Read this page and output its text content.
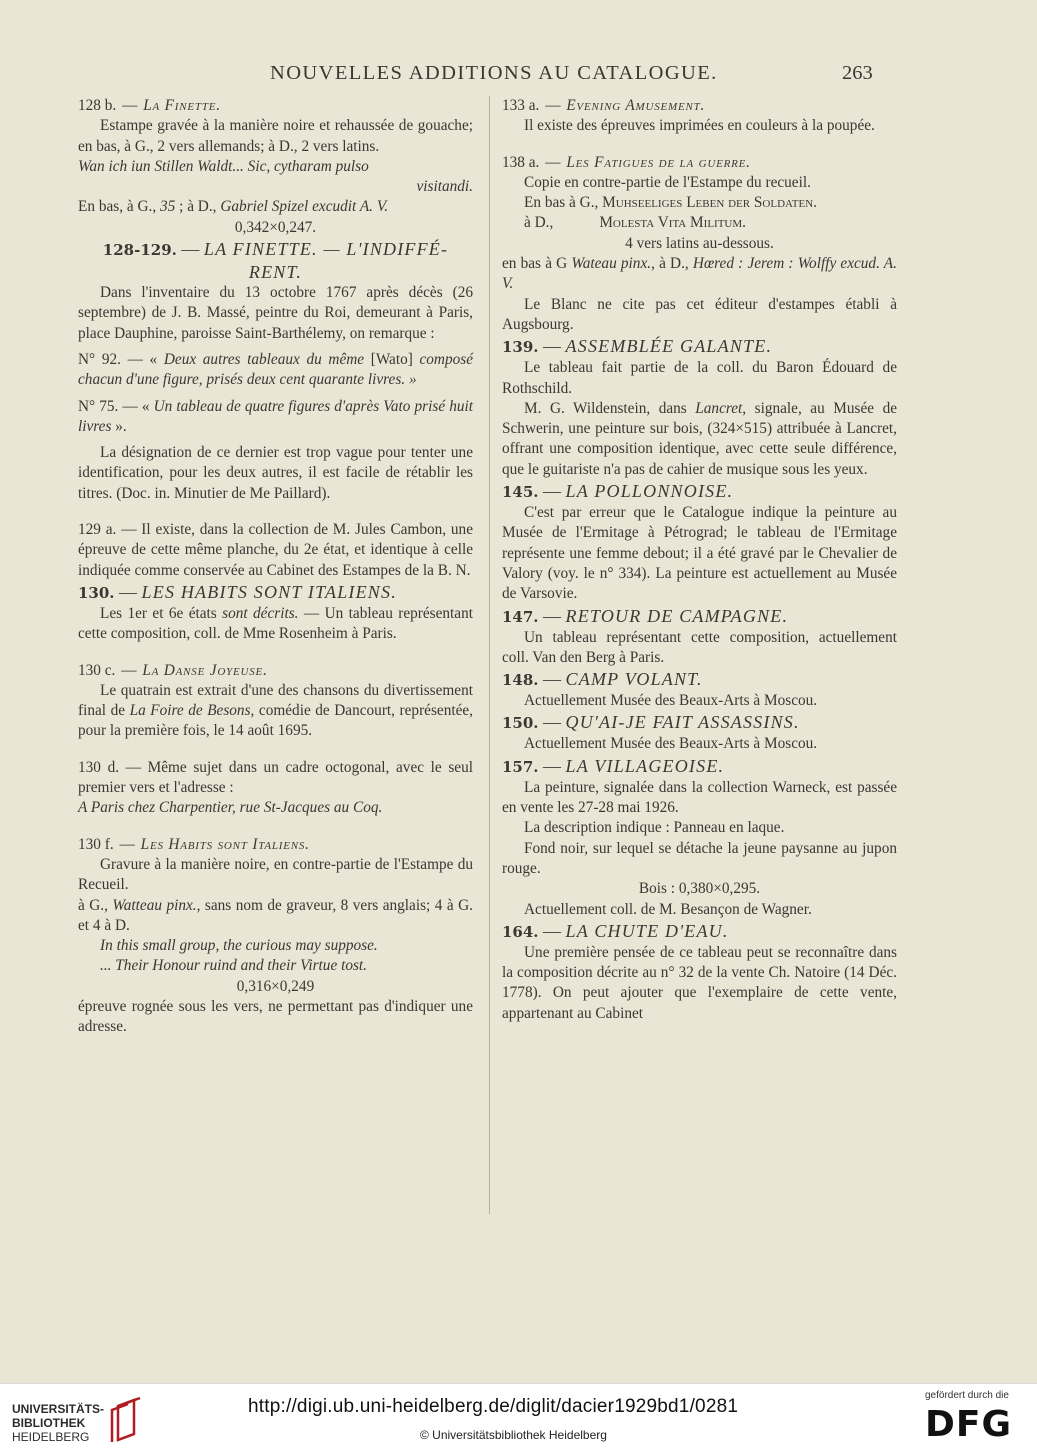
NOUVELLES ADDITIONS AU CATALOGUE.	263

128 b. — La Finette.

Estampe gravée à la manière noire et rehaussée de gouache; en bas, à G., 2 vers allemands; à D., 2 vers latins.

Wan ich iun Stillen Waldt... Sic, cytharam pulso

visitandi.

En bas, à G., 35 ; à D., Gabriel Spizel excudit A. V.

0,342×0,247.

128-129. — LA FINETTE. — L'INDIFFÉ-
RENT.

Dans l'inventaire du 13 octobre 1767 après décès (26 septembre) de J. B. Massé, peintre du Roi, demeurant à Paris, place Dauphine, paroisse Saint-Barthélemy, on remarque :

N° 92. — « Deux autres tableaux du même [Wato] composé chacun d'une figure, prisés deux cent quarante livres. »

N° 75. — « Un tableau de quatre figures d'après Vato prisé huit livres ».

La désignation de ce dernier est trop vague pour tenter une identification, pour les deux autres, il est facile de rétablir les titres. (Doc. in. Minutier de Me Paillard).

129 a. — Il existe, dans la collection de M. Jules Cambon, une épreuve de cette même planche, du 2e état, et identique à celle indiquée comme conservée au Cabinet des Estampes de la B. N.

130. — LES HABITS SONT ITALIENS.

Les 1er et 6e états sont décrits. — Un tableau représentant cette composition, coll. de Mme Rosenheim à Paris.

130 c. — La Danse Joyeuse.

Le quatrain est extrait d'une des chansons du divertissement final de La Foire de Besons, comédie de Dancourt, représentée, pour la première fois, le 14 août 1695.

130 d. — Même sujet dans un cadre octogonal, avec le seul premier vers et l'adresse :

A Paris chez Charpentier, rue St-Jacques au Coq.

130 f. — Les Habits sont Italiens.

Gravure à la manière noire, en contre-partie de l'Estampe du Recueil.

à G., Watteau pinx., sans nom de graveur, 8 vers anglais; 4 à G. et 4 à D.

In this small group, the curious may suppose.

... Their Honour ruind and their Virtue tost.

0,316×0,249

épreuve rognée sous les vers, ne permettant pas d'indiquer une adresse.

133 a. — Evening Amusement.

Il existe des épreuves imprimées en couleurs à la poupée.

138 a. — Les Fatigues de la guerre.

Copie en contre-partie de l'Estampe du recueil.

En bas à G., Muhseeliges Leben der Soldaten.

à D.,	Molesta Vita Militum.

4 vers latins au-dessous.

en bas à G Wateau pinx., à D., Hœred : Jerem : Wolffy excud. A. V.

Le Blanc ne cite pas cet éditeur d'estampes établi à Augsbourg.

139. — ASSEMBLÉE GALANTE.

Le tableau fait partie de la coll. du Baron Édouard de Rothschild.

M. G. Wildenstein, dans Lancret, signale, au Musée de Schwerin, une peinture sur bois, (324×515) attribuée à Lancret, offrant une composition identique, avec cette seule différence, que le guitariste n'a pas de cahier de musique sous les yeux.

145. — LA POLLONNOISE.

C'est par erreur que le Catalogue indique la peinture au Musée de l'Ermitage à Pétrograd; le tableau de l'Ermitage représente une femme debout; il a été gravé par le Chevalier de Valory (voy. le n° 334). La peinture est actuellement au Musée de Varsovie.

147. — RETOUR DE CAMPAGNE.

Un tableau représentant cette composition, actuellement coll. Van den Berg à Paris.

148. — CAMP VOLANT.

Actuellement Musée des Beaux-Arts à Moscou.

150. — QU'AI-JE FAIT ASSASSINS.

Actuellement Musée des Beaux-Arts à Moscou.

157. — LA VILLAGEOISE.

La peinture, signalée dans la collection Warneck, est passée en vente les 27-28 mai 1926.

La description indique : Panneau en laque.

Fond noir, sur lequel se détache la jeune paysanne au jupon rouge.

Bois : 0,380×0,295.

Actuellement coll. de M. Besançon de Wagner.

164. — LA CHUTE D'EAU.

Une première pensée de ce tableau peut se reconnaître dans la composition décrite au n° 32 de la vente Ch. Natoire (14 Déc. 1778). On peut ajouter que l'exemplaire de cette vente, appartenant au Cabinet

UNIVERSITÄTS-
BIBLIOTHEK
HEIDELBERG
http://digi.ub.uni-heidelberg.de/diglit/dacier1929bd1/0281
© Universitätsbibliothek Heidelberg
gefördert durch die
DFG
